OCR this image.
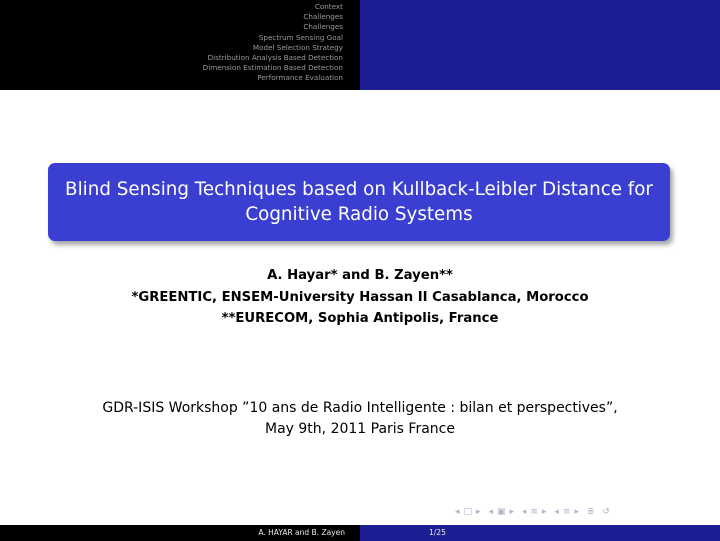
Context
Challenges
Challenges
Spectrum Sensing Goal
Model Selection Strategy
Distribution Analysis Based Detection
Dimension Estimation Based Detection
Performance Evaluation
Blind Sensing Techniques based on Kullback-Leibler Distance for
Cognitive Radio Systems
A. Hayar* and B. Zayen**
*GREENTIC, ENSEM-University Hassan II Casablanca, Morocco
**EURECOM, Sophia Antipolis, France
GDR-ISIS Workshop ”10 ans de Radio Intelligente : bilan et perspectives”,
May 9th, 2011 Paris France
◂ □ ▸ ◂ ▣ ▸ ◂ ≡ ▸ ◂ ≡ ▸ ≣ ↺
A. HAYAR and B. Zayen	1/25
